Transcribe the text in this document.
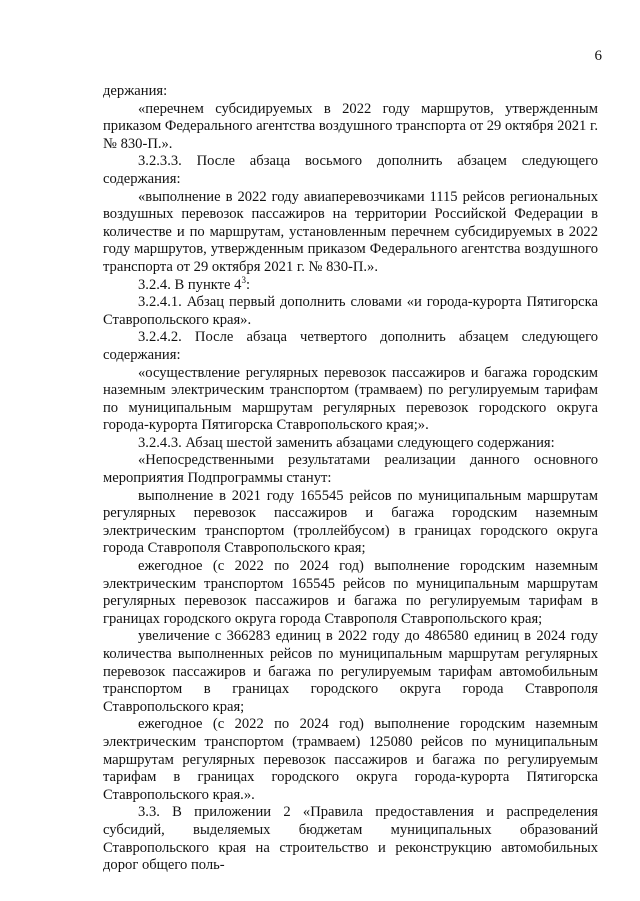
6

держания:

«перечнем субсидируемых в 2022 году маршрутов, утвержденным приказом Федерального агентства воздушного транспорта от 29 октября 2021 г. № 830-П.».

3.2.3.3. После абзаца восьмого дополнить абзацем следующего содержания:

«выполнение в 2022 году авиаперевозчиками 1115 рейсов региональных воздушных перевозок пассажиров на территории Российской Федерации в количестве и по маршрутам, установленным перечнем субсидируемых в 2022 году маршрутов, утвержденным приказом Федерального агентства воздушного транспорта от 29 октября 2021 г. № 830-П.».

3.2.4. В пункте $4^3$:

3.2.4.1. Абзац первый дополнить словами «и города-курорта Пятигорска Ставропольского края».

3.2.4.2. После абзаца четвертого дополнить абзацем следующего содержания:

«осуществление регулярных перевозок пассажиров и багажа городским наземным электрическим транспортом (трамваем) по регулируемым тарифам по муниципальным маршрутам регулярных перевозок городского округа города-курорта Пятигорска Ставропольского края;».

3.2.4.3. Абзац шестой заменить абзацами следующего содержания:

«Непосредственными результатами реализации данного основного мероприятия Подпрограммы станут:

выполнение в 2021 году 165545 рейсов по муниципальным маршрутам регулярных перевозок пассажиров и багажа городским наземным электрическим транспортом (троллейбусом) в границах городского округа города Ставрополя Ставропольского края;

ежегодное (с 2022 по 2024 год) выполнение городским наземным электрическим транспортом 165545 рейсов по муниципальным маршрутам регулярных перевозок пассажиров и багажа по регулируемым тарифам в границах городского округа города Ставрополя Ставропольского края;

увеличение с 366283 единиц в 2022 году до 486580 единиц в 2024 году количества выполненных рейсов по муниципальным маршрутам регулярных перевозок пассажиров и багажа по регулируемым тарифам автомобильным транспортом в границах городского округа города Ставрополя Ставропольского края;

ежегодное (с 2022 по 2024 год) выполнение городским наземным электрическим транспортом (трамваем) 125080 рейсов по муниципальным маршрутам регулярных перевозок пассажиров и багажа по регулируемым тарифам в границах городского округа города-курорта Пятигорска Ставропольского края.».

3.3. В приложении 2 «Правила предоставления и распределения субсидий, выделяемых бюджетам муниципальных образований Ставропольского края на строительство и реконструкцию автомобильных дорог общего поль-
